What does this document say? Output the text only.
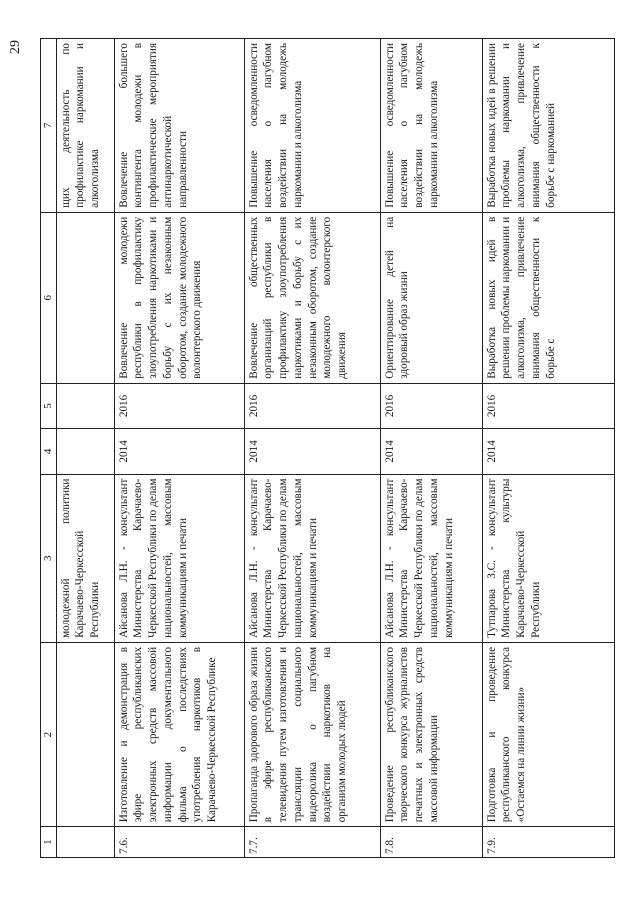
29
1	2	3	4	5	6	7
		молодежной политики Карачаево-Черкесской Республики				щих деятельность по профилактике наркомании и алкоголизма
7.6.	Изготовление и демонстрация в эфире республиканских электронных средств массовой информации документального фильма о последствиях употребления наркотиков в Карачаево-Черкесской Республике	Айсанова Л.Н. - консультант Министерства Карачаево-Черкесской Республики по делам национальностей, массовым коммуникациям и печати	2014	2016	Вовлечение молодежи республики в профилактику злоупотребления наркотиками и борьбу с их незаконным оборотом, создание молодежного волонтерского движения	Вовлечение большего контингента молодежи в профилактические мероприятия антинаркотической направленности
7.7.	Пропаганда здорового образа жизни в эфире республиканского телевидения путем изготовления и трансляции социального видеоролика о пагубном воздействии наркотиков на организм молодых людей	Айсанова Л.Н. - консультант Министерства Карачаево-Черкесской Республики по делам национальностей, массовым коммуникациям и печати	2014	2016	Вовлечение общественных организаций республики в профилактику злоупотребления наркотиками и борьбу с их незаконным оборотом, создание молодежного волонтерского движения	Повышение осведомленности населения о пагубном воздействии на молодежь наркомании и алкоголизма
7.8.	Проведение республиканского творческого конкурса журналистов печатных и электронных средств массовой информации	Айсанова Л.Н. - консультант Министерства Карачаево-Черкесской Республики по делам национальностей, массовым коммуникациям и печати	2014	2016	Ориентирование детей на здоровый образ жизни	Повышение осведомленности населения о пагубном воздействии на молодежь наркомании и алкоголизма
7.9.	Подготовка и проведение республиканского конкурса «Остаемся на линии жизни»	Тутпарова З.С. - консультант Министерства культуры Карачаево-Черкесской Республики	2014	2016	Выработка новых идей в решении проблемы наркомании и алкоголизма, привлечение внимания общественности к борьбе с	Выработка новых идей в решении проблемы наркомании и алкоголизма, привлечение внимания общественности к борьбе с наркоманией
